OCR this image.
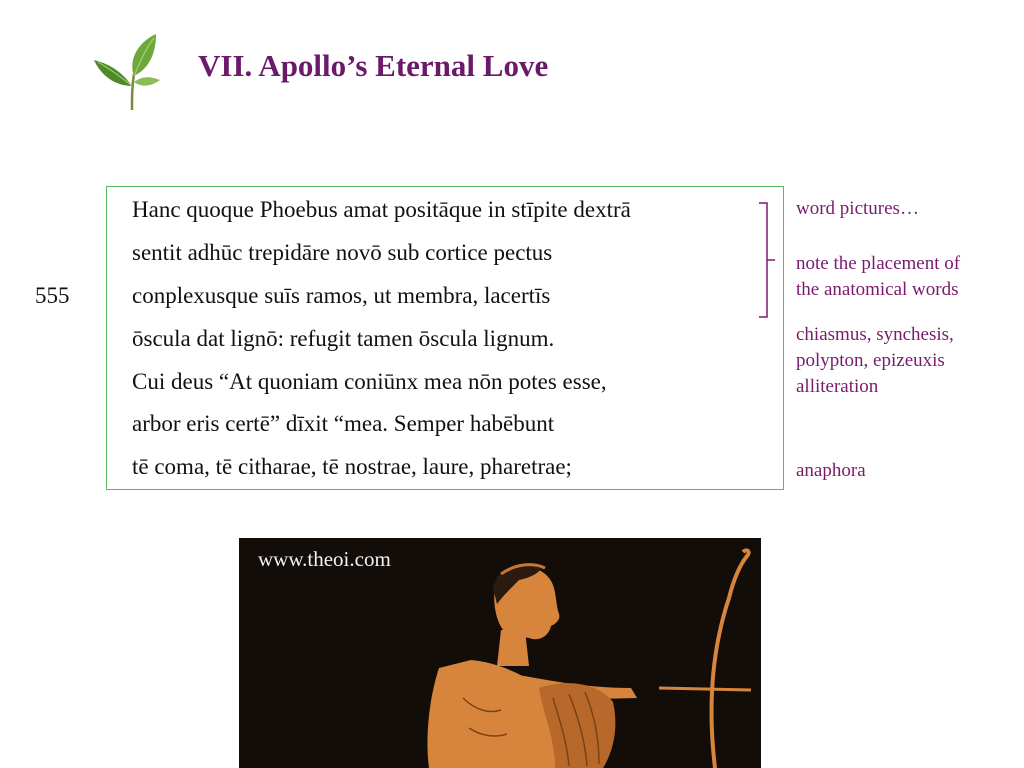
VII. Apollo’s Eternal Love
Hanc quoque Phoebus amat positāque in stīpite dextrā
sentit adhūc trepidāre novō sub cortice pectus
conplexusque suīs ramos, ut membra, lacertīs
ōscula dat lignō: refugit tamen ōscula lignum.
Cui deus “At quoniam coniūnx mea nōn potes esse,
arbor eris certē” dīxit “mea. Semper habēbunt
tē coma, tē citharae, tē nostrae, laure, pharetrae;
555
word pictures…
note the placement of
the anatomical words
chiasmus, synchesis,
polypton, epizeuxis
alliteration
anaphora
www.theoi.com
